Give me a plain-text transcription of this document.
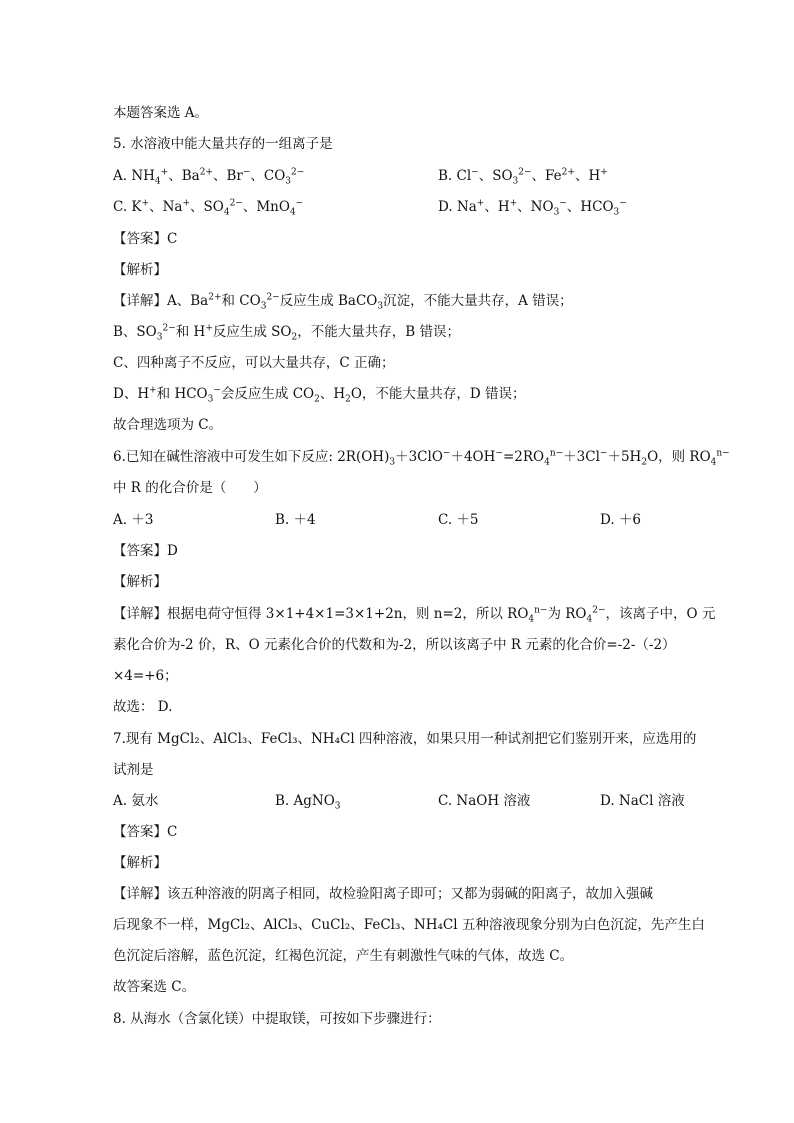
本题答案选 A。
5. 水溶液中能大量共存的一组离子是
A. $NH_4^+$、$Ba^{2+}$、Br−、$CO_3^{2-}$	B. Cl−、$SO_3^{2-}$、$Fe^{2+}$、H+
C. K+、Na+、$SO_4^{2-}$、MnO$_4$−	D. Na+、H+、$NO_3^-$、$HCO_3^-$
【答案】C
【解析】
【详解】A、$Ba^{2+}$和 $CO_3^{2-}$反应生成 BaCO$_3$沉淀，不能大量共存，A 错误；
B、$SO_3^{2-}$和 H+反应生成 $SO_2$，不能大量共存，B 错误；
C、四种离子不反应，可以大量共存，C 正确；
D、H+和 $HCO_3^-$会反应生成 $CO_2$、$H_2O$，不能大量共存，D 错误；
故合理选项为 C。
6.已知在碱性溶液中可发生如下反应: $2R(OH)_3+3ClO^-+4OH^-=2RO_4^{n-}+3Cl^-+5H_2O$，则 $RO_4^{n-}$
中 R 的化合价是（　　）
A. ＋3	B. ＋4	C. ＋5	D. ＋6
【答案】D
【解析】
【详解】根据电荷守恒得 3×1+4×1=3×1+2n，则 n=2，所以 $RO_4^{n-}$为 $RO_4^{2-}$，该离子中，O 元
素化合价为-2 价，R、O 元素化合价的代数和为-2，所以该离子中 R 元素的化合价=-2-（-2）
×4=+6；
故选： D.
7.现有 MgCl₂、AlCl₃、FeCl₃、NH₄Cl 四种溶液，如果只用一种试剂把它们鉴别开来，应选用的
试剂是
A. 氨水	B. AgNO$_3$	C. NaOH 溶液	D. NaCl 溶液
【答案】C
【解析】
【详解】该五种溶液的阴离子相同，故检验阳离子即可；又都为弱碱的阳离子，故加入强碱
后现象不一样，MgCl₂、AlCl₃、CuCl₂、FeCl₃、NH₄Cl 五种溶液现象分别为白色沉淀，先产生白
色沉淀后溶解，蓝色沉淀，红褐色沉淀，产生有刺激性气味的气体，故选 C。
故答案选 C。
8. 从海水（含氯化镁）中提取镁，可按如下步骤进行：
